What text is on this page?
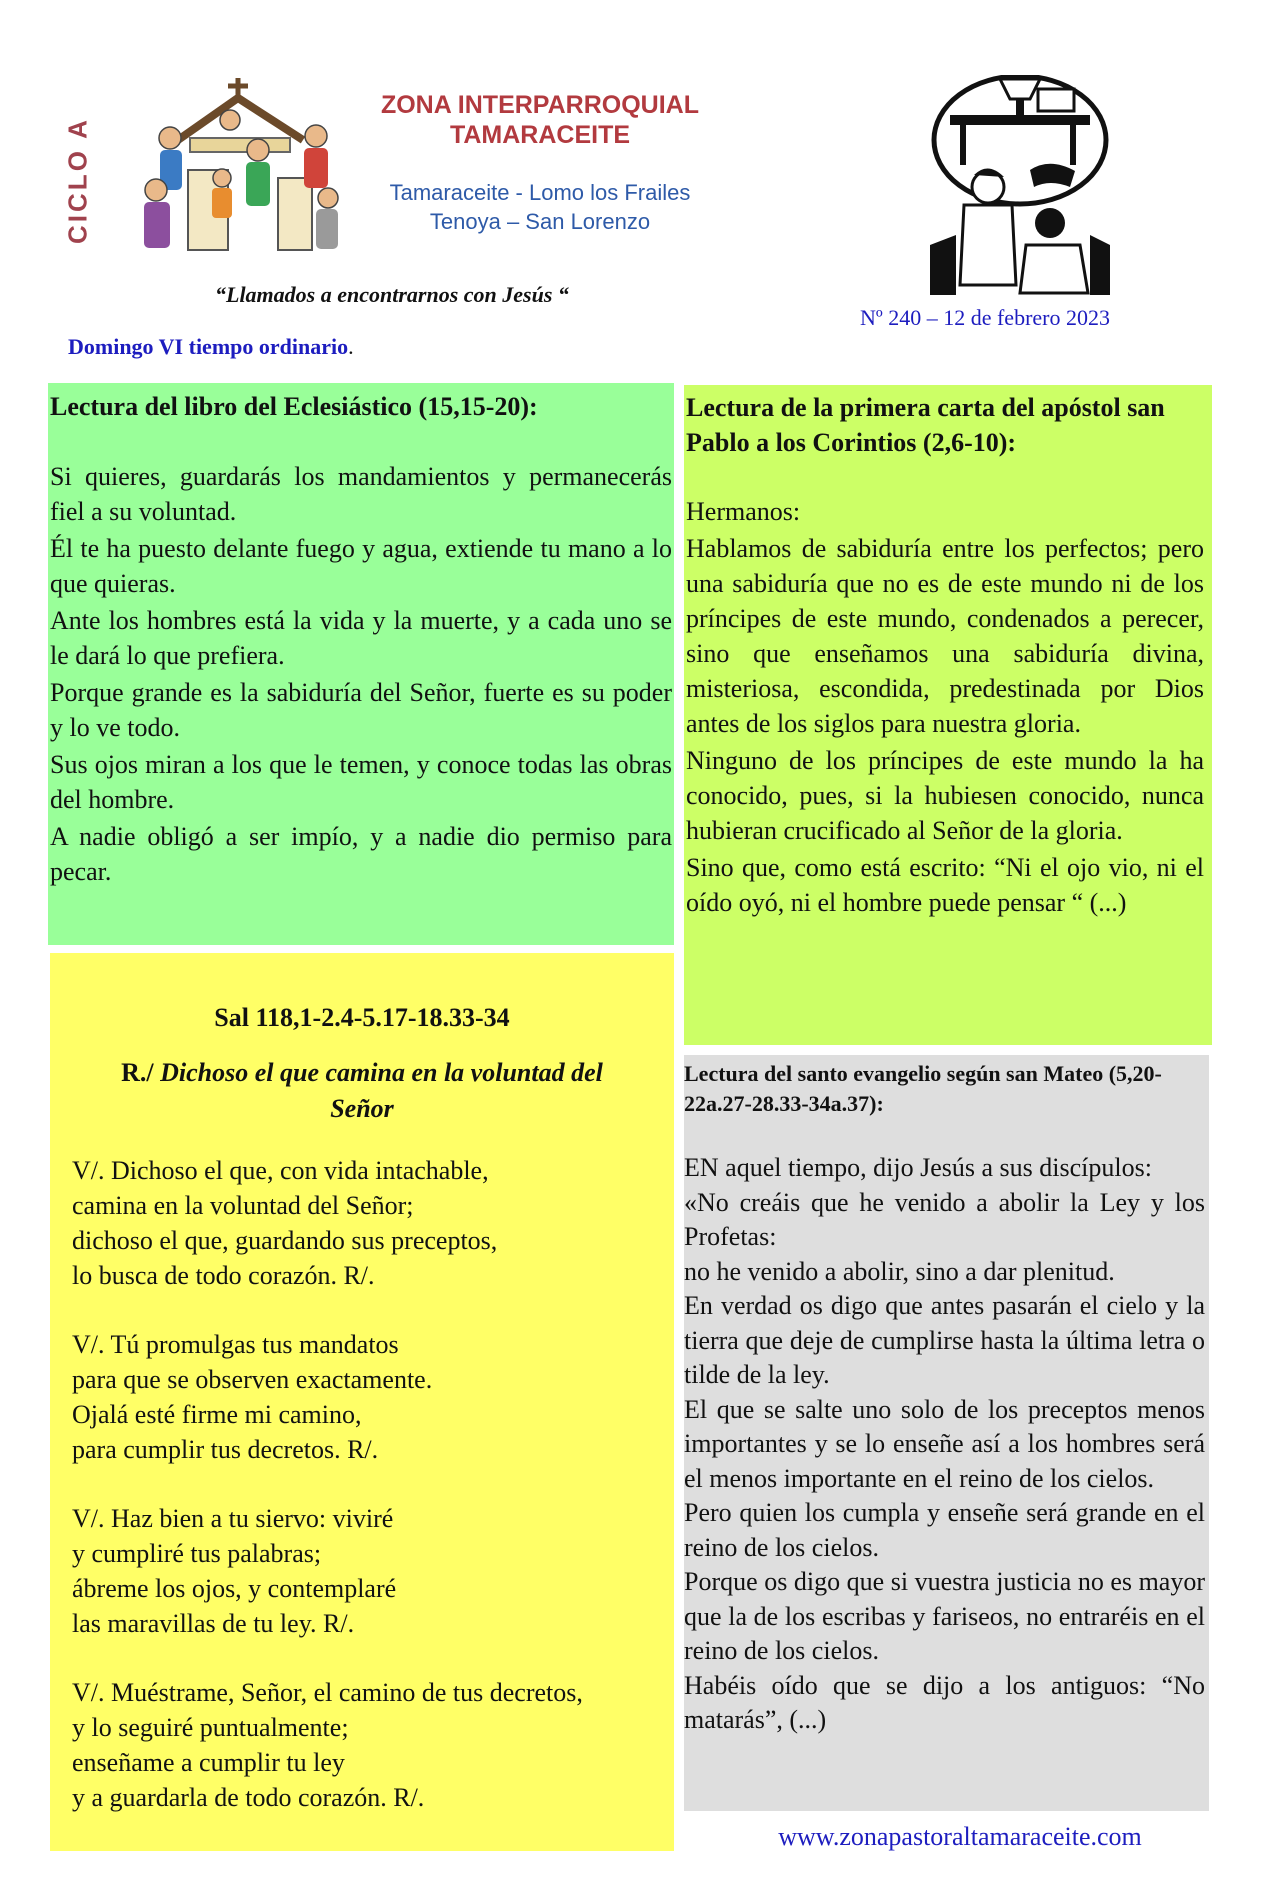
CICLO A
ZONA INTERPARROQUIAL
TAMARACEITE
Tamaraceite - Lomo los Frailes
Tenoya – San Lorenzo
“Llamados a encontrarnos con Jesús “
Domingo VI tiempo ordinario.
Nº 240 – 12 de febrero 2023
Lectura del libro del Eclesiástico (15,15-20):

Si quieres, guardarás los mandamientos y permanecerás fiel a su voluntad.

Él te ha puesto delante fuego y agua, extiende tu mano a lo que quieras.

Ante los hombres está la vida y la muerte, y a cada uno se le dará lo que prefiera.

Porque grande es la sabiduría del Señor, fuerte es su poder y lo ve todo.

Sus ojos miran a los que le temen, y conoce todas las obras del hombre.

A nadie obligó a ser impío, y a nadie dio permiso para pecar.

Sal 118,1-2.4-5.17-18.33-34
R./ Dichoso el que camina en la voluntad del Señor
V/. Dichoso el que, con vida intachable,
camina en la voluntad del Señor;
dichoso el que, guardando sus preceptos,
lo busca de todo corazón. R/.
V/. Tú promulgas tus mandatos
para que se observen exactamente.
Ojalá esté firme mi camino,
para cumplir tus decretos. R/.
V/. Haz bien a tu siervo: viviré
y cumpliré tus palabras;
ábreme los ojos, y contemplaré
las maravillas de tu ley. R/.
V/. Muéstrame, Señor, el camino de tus decretos,
y lo seguiré puntualmente;
enseñame a cumplir tu ley
y a guardarla de todo corazón. R/.
Lectura de la primera carta del apóstol san Pablo a los Corintios (2,6-10):

Hermanos:

Hablamos de sabiduría entre los perfectos; pero una sabiduría que no es de este mundo ni de los príncipes de este mundo, condenados a perecer, sino que enseñamos una sabiduría divina, misteriosa, escondida, predestinada por Dios antes de los siglos para nuestra gloria.

Ninguno de los príncipes de este mundo la ha conocido, pues, si la hubiesen conocido, nunca hubieran crucificado al Señor de la gloria.

Sino que, como está escrito: “Ni el ojo vio, ni el oído oyó, ni el hombre puede pensar “ (...)

Lectura del santo evangelio según san Mateo (5,20-22a.27-28.33-34a.37):

EN aquel tiempo, dijo Jesús a sus discípulos:

«No creáis que he venido a abolir la Ley y los Profetas:

no he venido a abolir, sino a dar plenitud.

En verdad os digo que antes pasarán el cielo y la tierra que deje de cumplirse hasta la última letra o tilde de la ley.

El que se salte uno solo de los preceptos menos importantes y se lo enseñe así a los hombres será el menos importante en el reino de los cielos.

Pero quien los cumpla y enseñe será grande en el reino de los cielos.

Porque os digo que si vuestra justicia no es mayor que la de los escribas y fariseos, no entraréis en el reino de los cielos.

Habéis oído que se dijo a los antiguos: “No matarás”, (...)

www.zonapastoraltamaraceite.com
